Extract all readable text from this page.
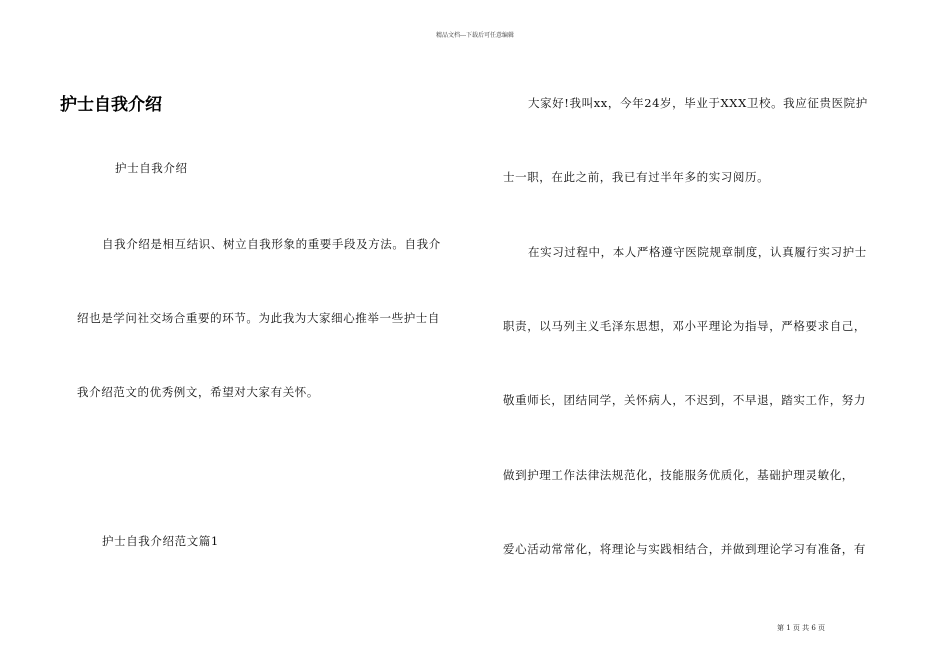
精品文档---下载后可任意编辑
护士自我介绍
护士自我介绍
自我介绍是相互结识、树立自我形象的重要手段及方法。自我介
绍也是学问社交场合重要的环节。为此我为大家细心推举一些护士自
我介绍范文的优秀例文，希望对大家有关怀。
护士自我介绍范文篇1
大家好!我叫xx，今年24岁，毕业于XXX卫校。我应征贵医院护
士一职，在此之前，我已有过半年多的实习阅历。
在实习过程中，本人严格遵守医院规章制度，认真履行实习护士
职责，以马列主义毛泽东思想，邓小平理论为指导，严格要求自己，
敬重师长，团结同学，关怀病人，不迟到，不早退，踏实工作，努力
做到护理工作法律法规范化，技能服务优质化，基础护理灵敏化，
爱心活动常常化，将理论与实践相结合，并做到理论学习有准备，有
第 1 页 共 6 页
